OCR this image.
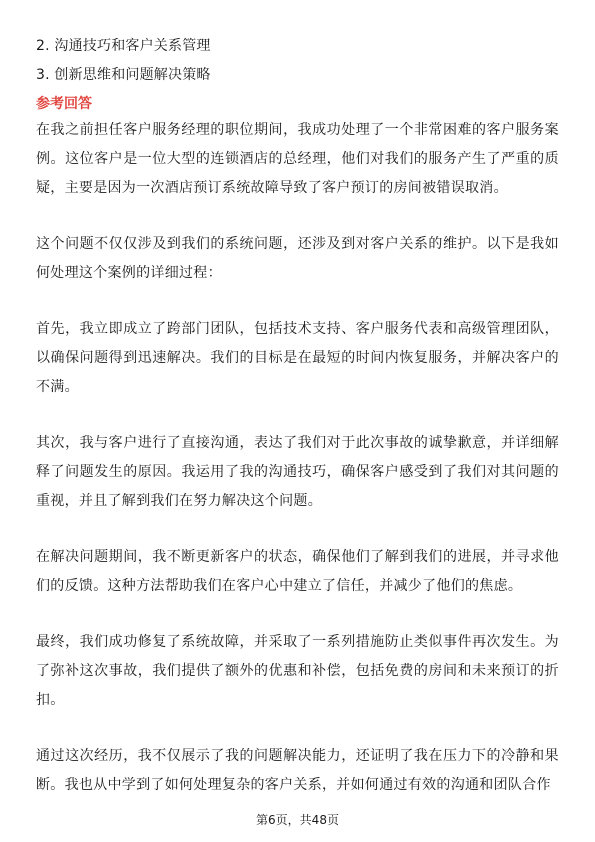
2. 沟通技巧和客户关系管理
3. 创新思维和问题解决策略
参考回答

在我之前担任客户服务经理的职位期间，我成功处理了一个非常困难的客户服务案例。这位客户是一位大型的连锁酒店的总经理，他们对我们的服务产生了严重的质疑，主要是因为一次酒店预订系统故障导致了客户预订的房间被错误取消。

这个问题不仅仅涉及到我们的系统问题，还涉及到对客户关系的维护。以下是我如何处理这个案例的详细过程：

首先，我立即成立了跨部门团队，包括技术支持、客户服务代表和高级管理团队，以确保问题得到迅速解决。我们的目标是在最短的时间内恢复服务，并解决客户的不满。

其次，我与客户进行了直接沟通，表达了我们对于此次事故的诚挚歉意，并详细解释了问题发生的原因。我运用了我的沟通技巧，确保客户感受到了我们对其问题的重视，并且了解到我们在努力解决这个问题。

在解决问题期间，我不断更新客户的状态，确保他们了解到我们的进展，并寻求他们的反馈。这种方法帮助我们在客户心中建立了信任，并减少了他们的焦虑。

最终，我们成功修复了系统故障，并采取了一系列措施防止类似事件再次发生。为了弥补这次事故，我们提供了额外的优惠和补偿，包括免费的房间和未来预订的折扣。

通过这次经历，我不仅展示了我的问题解决能力，还证明了我在压力下的冷静和果断。我也从中学到了如何处理复杂的客户关系，并如何通过有效的沟通和团队合作

第6页，共48页
